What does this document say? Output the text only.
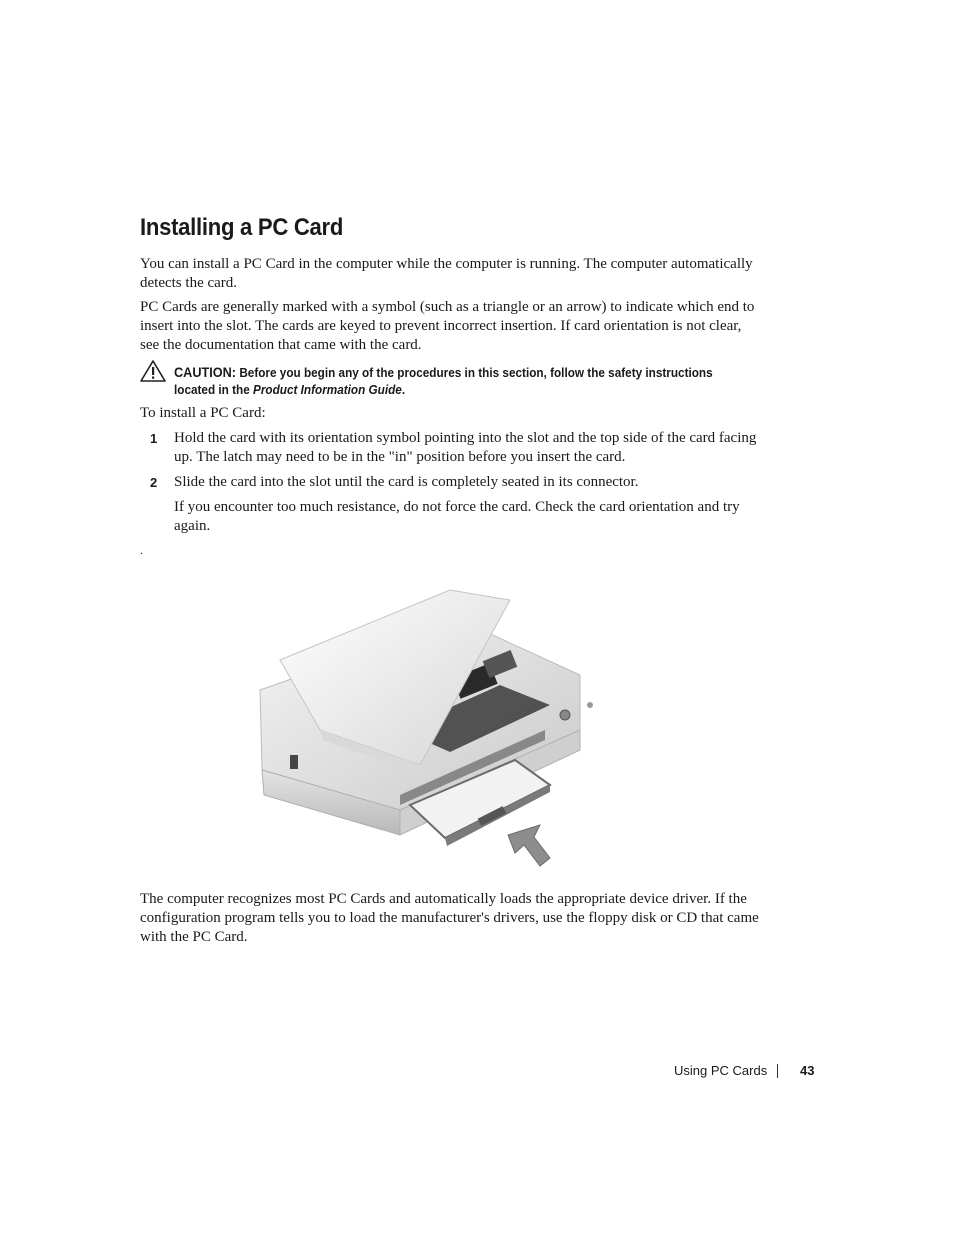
Installing a PC Card

You can install a PC Card in the computer while the computer is running. The computer automatically detects the card.

PC Cards are generally marked with a symbol (such as a triangle or an arrow) to indicate which end to insert into the slot. The cards are keyed to prevent incorrect insertion. If card orientation is not clear, see the documentation that came with the card.

CAUTION: Before you begin any of the procedures in this section, follow the safety instructions located in the Product Information Guide.

To install a PC Card:

1 Hold the card with its orientation symbol pointing into the slot and the top side of the card facing up. The latch may need to be in the "in" position before you insert the card.

2 Slide the card into the slot until the card is completely seated in its connector.

If you encounter too much resistance, do not force the card. Check the card orientation and try again.

.

The computer recognizes most PC Cards and automatically loads the appropriate device driver. If the configuration program tells you to load the manufacturer's drivers, use the floppy disk or CD that came with the PC Card.

Using PC Cards	43
